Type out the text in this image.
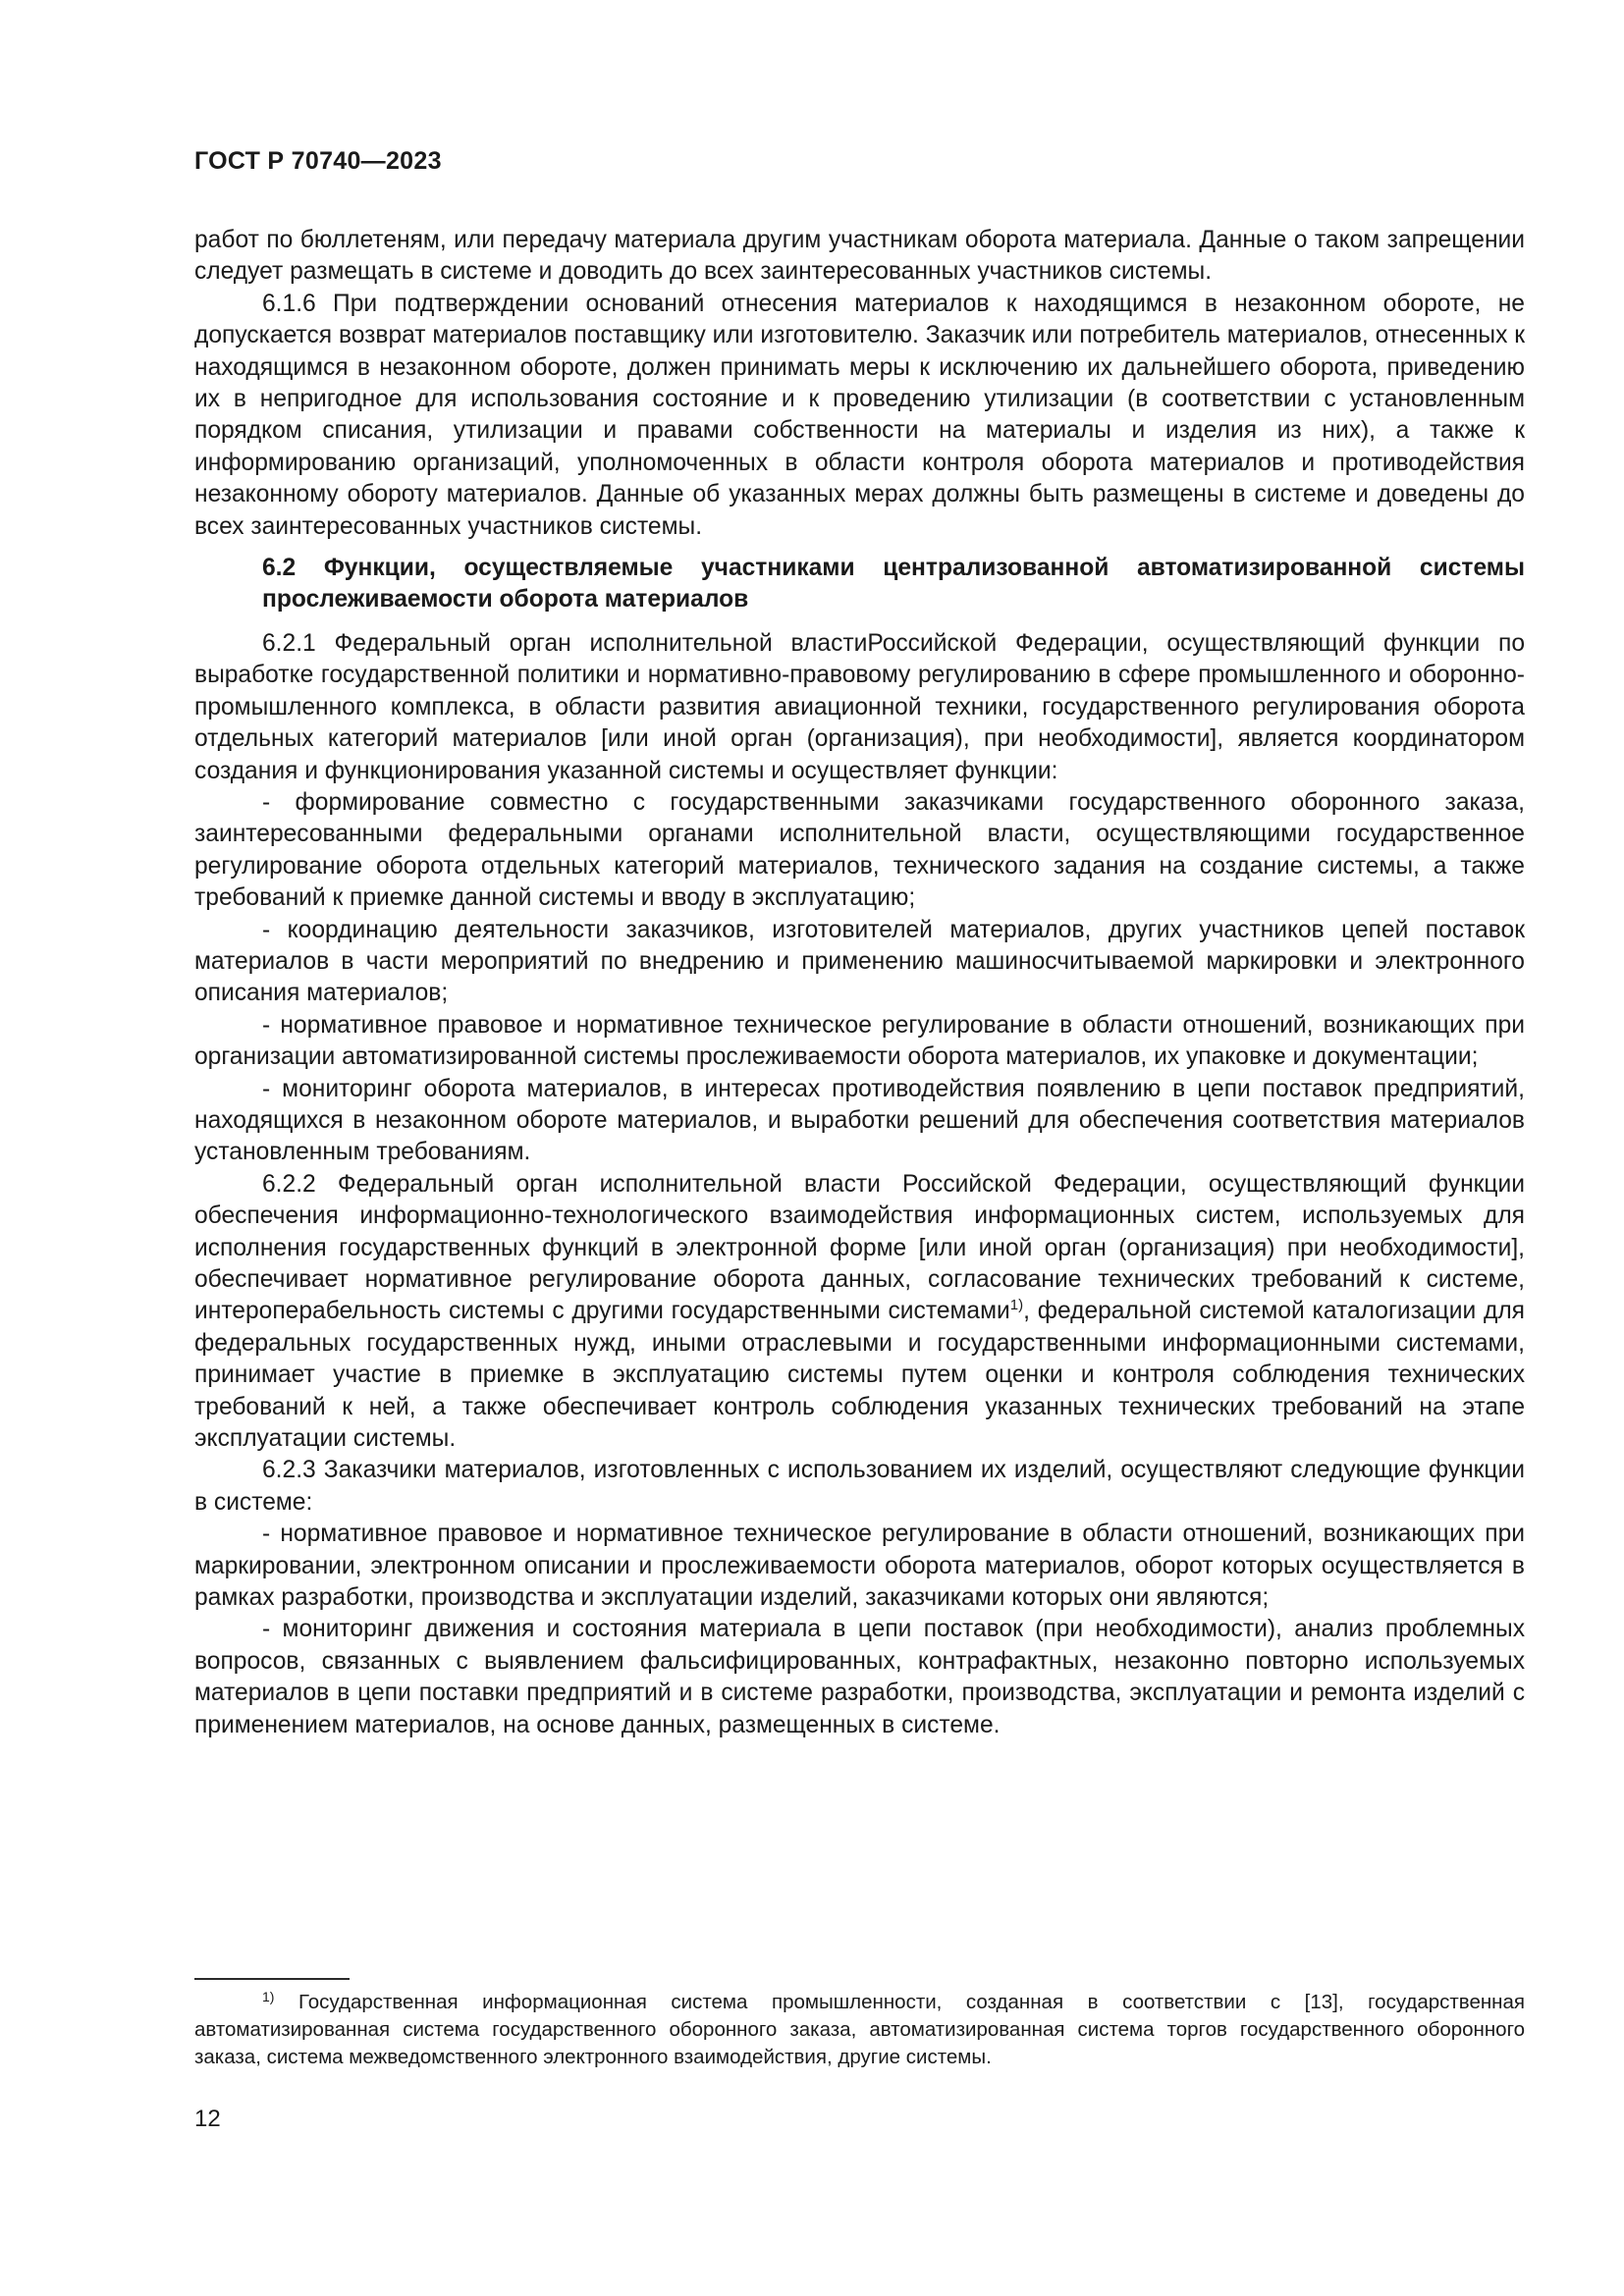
ГОСТ Р 70740—2023

работ по бюллетеням, или передачу материала другим участникам оборота материала. Данные о таком запрещении следует размещать в системе и доводить до всех заинтересованных участников системы.

6.1.6 При подтверждении оснований отнесения материалов к находящимся в незаконном обороте, не допускается возврат материалов поставщику или изготовителю. Заказчик или потребитель материалов, отнесенных к находящимся в незаконном обороте, должен принимать меры к исключению их дальнейшего оборота, приведению их в непригодное для использования состояние и к проведению утилизации (в соответствии с установленным порядком списания, утилизации и правами собственности на материалы и изделия из них), а также к информированию организаций, уполномоченных в области контроля оборота материалов и противодействия незаконному обороту материалов. Данные об указанных мерах должны быть размещены в системе и доведены до всех заинтересованных участников системы.

6.2 Функции, осуществляемые участниками централизованной автоматизированной системы прослеживаемости оборота материалов

6.2.1 Федеральный орган исполнительной властиРоссийской Федерации, осуществляющий функции по выработке государственной политики и нормативно-правовому регулированию в сфере промышленного и оборонно-промышленного комплекса, в области развития авиационной техники, государственного регулирования оборота отдельных категорий материалов [или иной орган (организация), при необходимости], является координатором создания и функционирования указанной системы и осуществляет функции:

- формирование совместно с государственными заказчиками государственного оборонного заказа, заинтересованными федеральными органами исполнительной власти, осуществляющими государственное регулирование оборота отдельных категорий материалов, технического задания на создание системы, а также требований к приемке данной системы и вводу в эксплуатацию;

- координацию деятельности заказчиков, изготовителей материалов, других участников цепей поставок материалов в части мероприятий по внедрению и применению машиносчитываемой маркировки и электронного описания материалов;

- нормативное правовое и нормативное техническое регулирование в области отношений, возникающих при организации автоматизированной системы прослеживаемости оборота материалов, их упаковке и документации;

- мониторинг оборота материалов, в интересах противодействия появлению в цепи поставок предприятий, находящихся в незаконном обороте материалов, и выработки решений для обеспечения соответствия материалов установленным требованиям.

6.2.2 Федеральный орган исполнительной власти Российской Федерации, осуществляющий функции обеспечения информационно-технологического взаимодействия информационных систем, используемых для исполнения государственных функций в электронной форме [или иной орган (организация) при необходимости], обеспечивает нормативное регулирование оборота данных, согласование технических требований к системе, интероперабельность системы с другими государственными системами$^{1)}$, федеральной системой каталогизации для федеральных государственных нужд, иными отраслевыми и государственными информационными системами, принимает участие в приемке в эксплуатацию системы путем оценки и контроля соблюдения технических требований к ней, а также обеспечивает контроль соблюдения указанных технических требований на этапе эксплуатации системы.

6.2.3 Заказчики материалов, изготовленных с использованием их изделий, осуществляют следующие функции в системе:

- нормативное правовое и нормативное техническое регулирование в области отношений, возникающих при маркировании, электронном описании и прослеживаемости оборота материалов, оборот которых осуществляется в рамках разработки, производства и эксплуатации изделий, заказчиками которых они являются;

- мониторинг движения и состояния материала в цепи поставок (при необходимости), анализ проблемных вопросов, связанных с выявлением фальсифицированных, контрафактных, незаконно повторно используемых материалов в цепи поставки предприятий и в системе разработки, производства, эксплуатации и ремонта изделий с применением материалов, на основе данных, размещенных в системе.

$^{1)}$ Государственная информационная система промышленности, созданная в соответствии с [13], государственная автоматизированная система государственного оборонного заказа, автоматизированная система торгов государственного оборонного заказа, система межведомственного электронного взаимодействия, другие системы.

12
